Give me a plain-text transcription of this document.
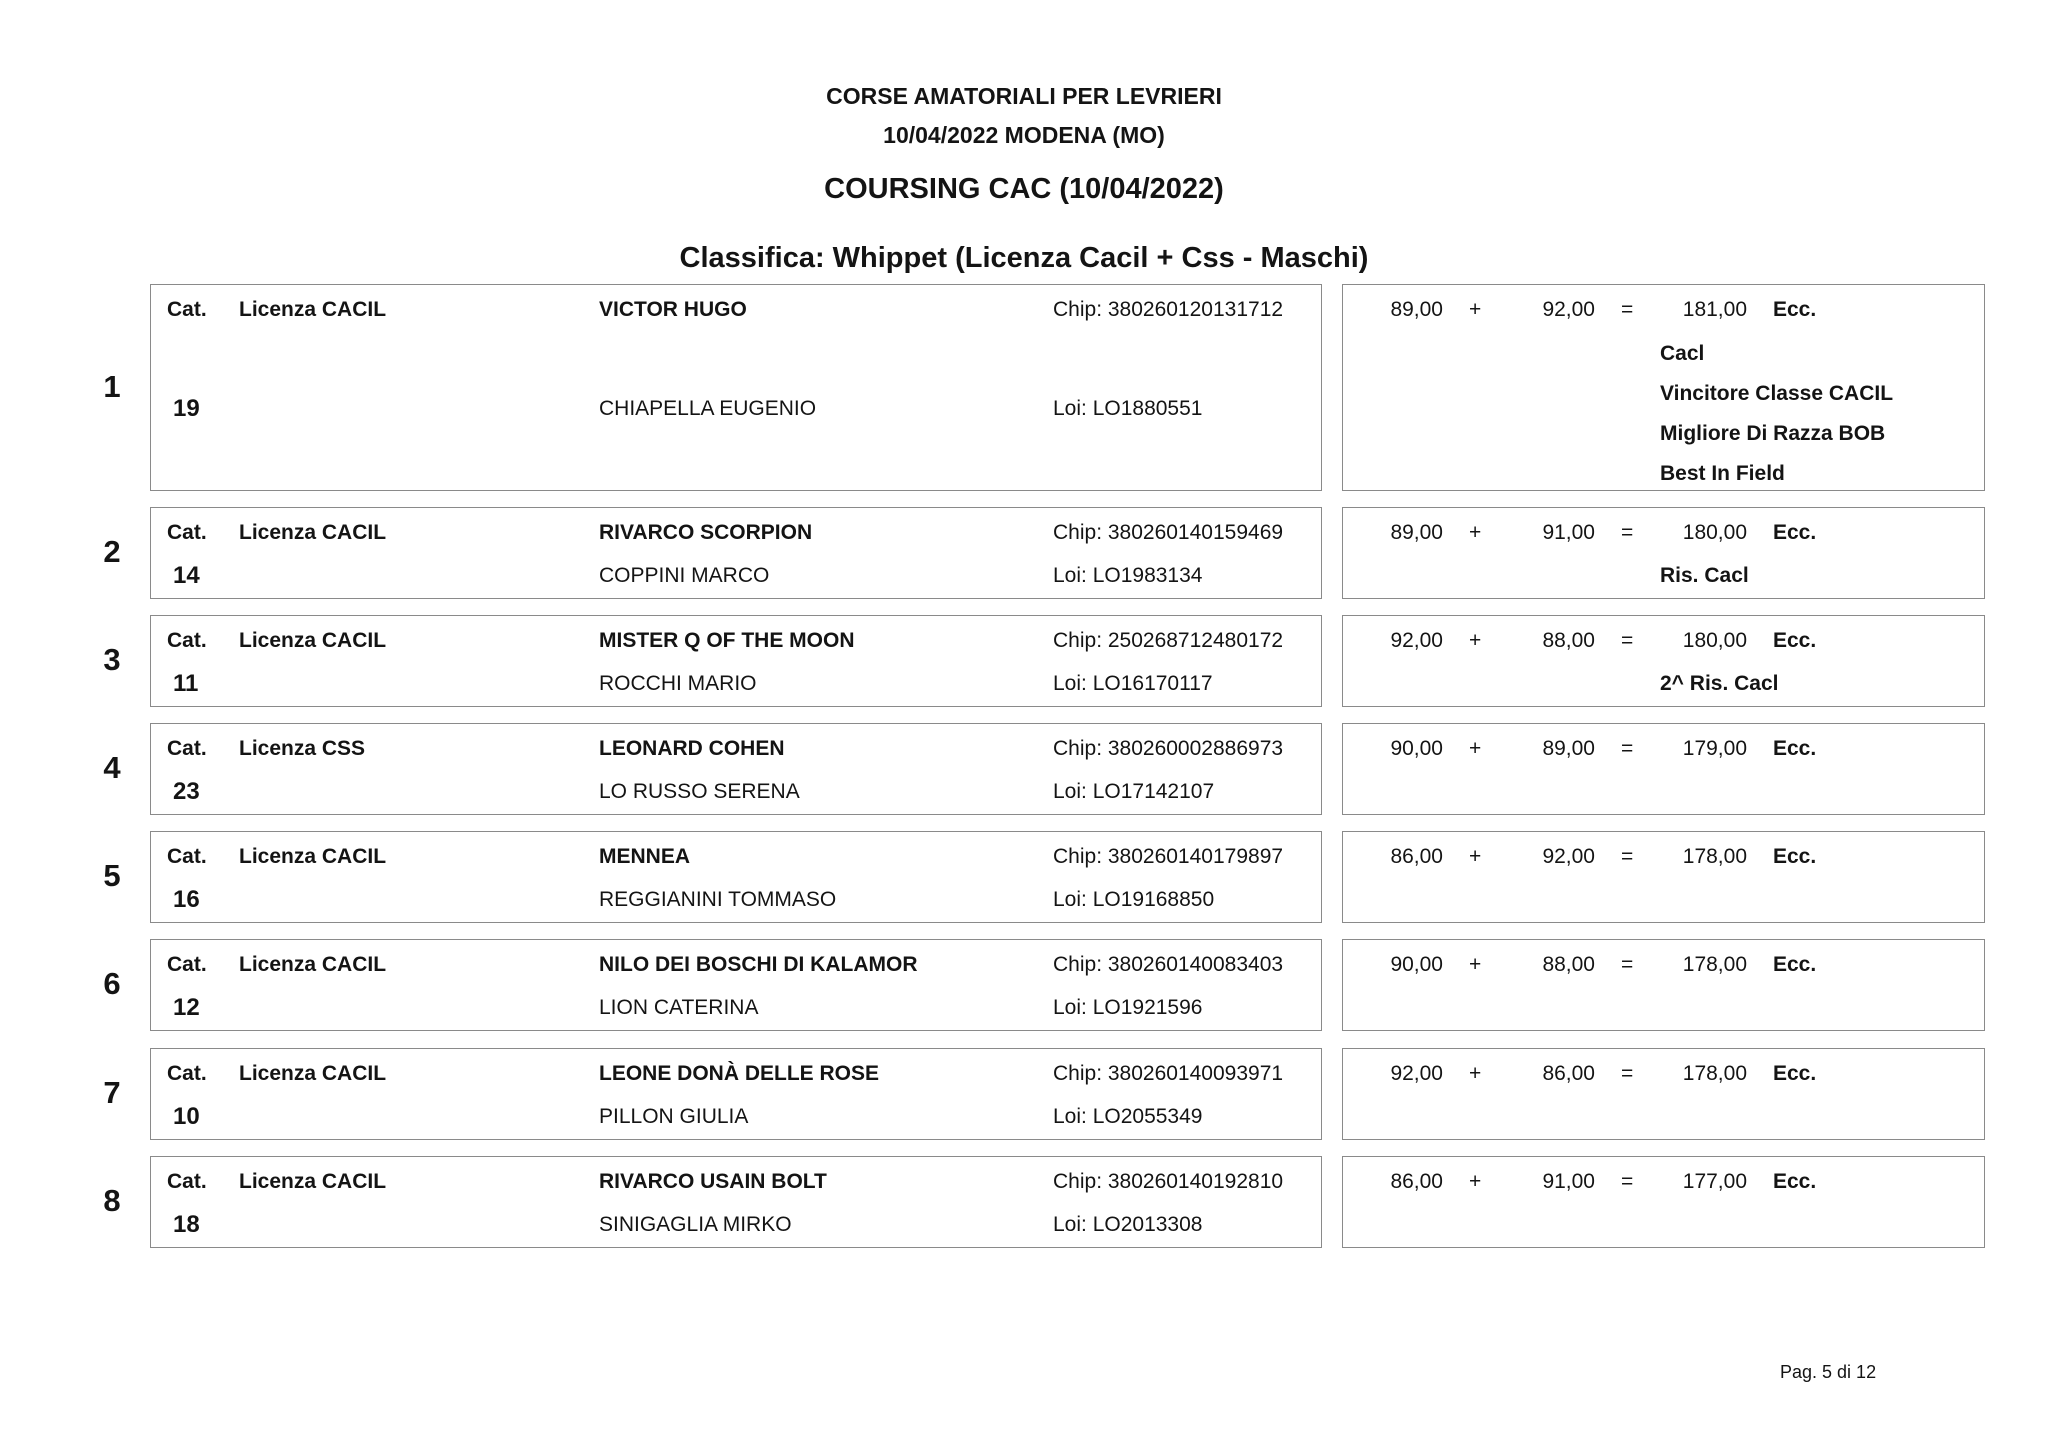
CORSE AMATORIALI PER LEVRIERI
10/04/2022 MODENA (MO)
COURSING CAC (10/04/2022)
Classifica: Whippet (Licenza Cacil + Css - Maschi)
1
Cat. Licenza CACIL	VICTOR HUGO	Chip: 380260120131712
19	CHIAPELLA EUGENIO	Loi: LO1880551
89,00 +	92,00 =	181,00 Ecc.
Cacl
Vincitore Classe CACIL
Migliore Di Razza BOB
Best In Field
2
Cat. Licenza CACIL	RIVARCO SCORPION	Chip: 380260140159469
14	COPPINI MARCO	Loi: LO1983134
89,00 +	91,00 =	180,00 Ecc.
Ris. Cacl
3
Cat. Licenza CACIL	MISTER Q OF THE MOON	Chip: 250268712480172
11	ROCCHI MARIO	Loi: LO16170117
92,00 +	88,00 =	180,00 Ecc.
2^ Ris. Cacl
4
Cat. Licenza CSS	LEONARD COHEN	Chip: 380260002886973
23	LO RUSSO SERENA	Loi: LO17142107
90,00 +	89,00 =	179,00 Ecc.
5
Cat. Licenza CACIL	MENNEA	Chip: 380260140179897
16	REGGIANINI TOMMASO	Loi: LO19168850
86,00 +	92,00 =	178,00 Ecc.
6
Cat. Licenza CACIL	NILO DEI BOSCHI DI KALAMOR	Chip: 380260140083403
12	LION CATERINA	Loi: LO1921596
90,00 +	88,00 =	178,00 Ecc.
7
Cat. Licenza CACIL	LEONE DONÀ DELLE ROSE	Chip: 380260140093971
10	PILLON GIULIA	Loi: LO2055349
92,00 +	86,00 =	178,00 Ecc.
8
Cat. Licenza CACIL	RIVARCO USAIN BOLT	Chip: 380260140192810
18	SINIGAGLIA MIRKO	Loi: LO2013308
86,00 +	91,00 =	177,00 Ecc.
Pag. 5 di 12
